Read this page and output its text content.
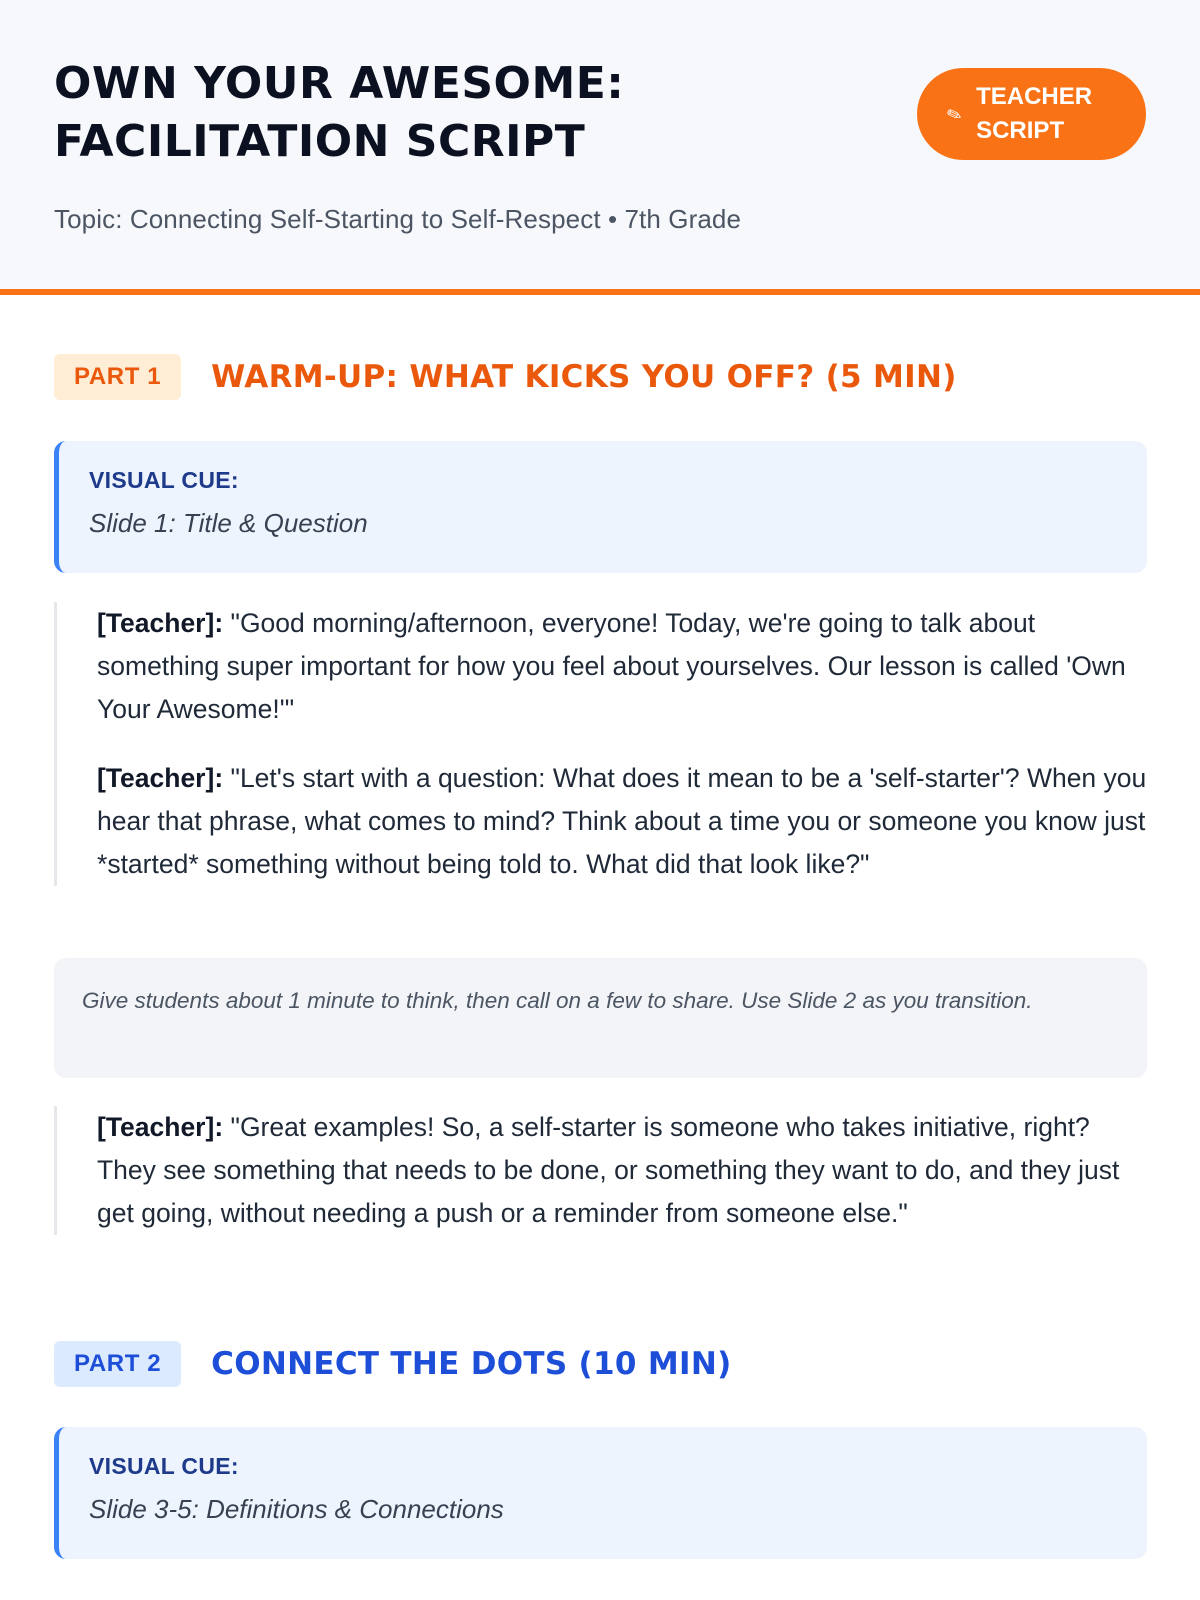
OWN YOUR AWESOME:
FACILITATION SCRIPT
Topic: Connecting Self-Starting to Self-Respect • 7th Grade
✎
TEACHER SCRIPT
PART 1	WARM-UP: WHAT KICKS YOU OFF? (5 MIN)
VISUAL CUE:
Slide 1: Title & Question

[Teacher]: "Good morning/afternoon, everyone! Today, we're going to talk about something super important for how you feel about yourselves. Our lesson is called 'Own Your Awesome!'"

[Teacher]: "Let's start with a question: What does it mean to be a 'self-starter'? When you hear that phrase, what comes to mind? Think about a time you or someone you know just *started* something without being told to. What did that look like?"

Give students about 1 minute to think, then call on a few to share. Use Slide 2 as you transition.

[Teacher]: "Great examples! So, a self-starter is someone who takes initiative, right? They see something that needs to be done, or something they want to do, and they just get going, without needing a push or a reminder from someone else."

PART 2	CONNECT THE DOTS (10 MIN)
VISUAL CUE:
Slide 3-5: Definitions & Connections
